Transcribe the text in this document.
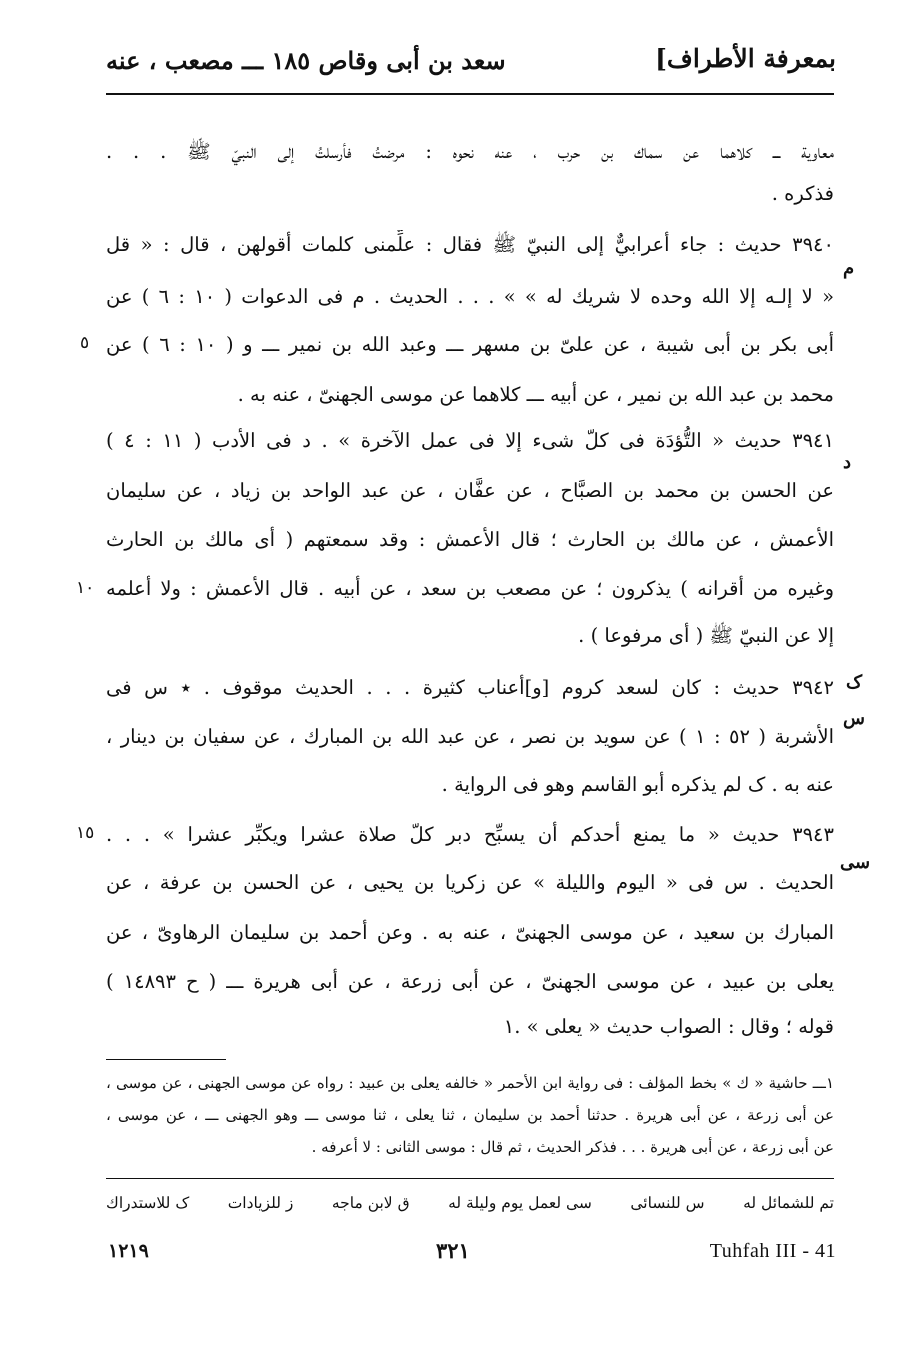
سعد بن أبى وقاص ١٨٥ ـــ مصعب ، عنه	بمعرفة الأطراف]
معاوية ـــ كلاهما عن سماك بن حرب ، عنه نحوه : مرضتُ فأرسلتُ إلى النبيّ ﷺ . . .
فذكره .
٣٩٤٠ حديث : جاء أعرابيٌّ إلى النبيّ ﷺ فقال : علِّمنى كلمات أقولهن ، قال : « قل
« لا إلـه إلا الله وحده لا شريك له » » . . . الحديث . م فى الدعوات ( ١٠ : ٦ ) عن
أبى بكر بن أبى شيبة ، عن علىّ بن مسهر ـــ وعبد الله بن نمير ـــ و ( ١٠ : ٦ ) عن
محمد بن عبد الله بن نمير ، عن أبيه ـــ كلاهما عن موسى الجهنىّ ، عنه به .
٣٩٤١ حديث « التُّؤدَة فى كلّ شىء إلا فى عمل الآخرة » . د فى الأدب ( ١١ : ٤ )
عن الحسن بن محمد بن الصبَّاح ، عن عفَّان ، عن عبد الواحد بن زياد ، عن سليمان
الأعمش ، عن مالك بن الحارث ؛ قال الأعمش : وقد سمعتهم ( أى مالك بن الحارث
وغيره من أقرانه ) يذكرون ؛ عن مصعب بن سعد ، عن أبيه . قال الأعمش : ولا أعلمه
إلا عن النبيّ ﷺ ( أى مرفوعا ) .
٣٩٤٢ حديث : كان لسعد كروم [و]أعناب كثيرة . . . الحديث موقوف . ٭ س فى
الأشربة ( ٥٢ : ١ ) عن سويد بن نصر ، عن عبد الله بن المبارك ، عن سفيان بن دينار ،
عنه به . ک لم يذكره أبو القاسم وهو فى الرواية .
٣٩٤٣ حديث « ما يمنع أحدكم أن يسبِّح دبر كلّ صلاة عشرا ويكبِّر عشرا » . . .
الحديث . س فى « اليوم والليلة » عن زكريا بن يحيى ، عن الحسن بن عرفة ، عن
المبارك بن سعيد ، عن موسى الجهنىّ ، عنه به . وعن أحمد بن سليمان الرهاوىّ ، عن
يعلى بن عبيد ، عن موسى الجهنىّ ، عن أبى زرعة ، عن أبى هريرة ـــ ( ح ١٤٨٩٣ )
قوله ؛ وقال : الصواب حديث « يعلى » .١
٥
١٠
١٥
م
د
س
سى
ک
١ـــ حاشية « ك » بخط المؤلف : فى رواية ابن الأحمر « خالفه يعلى بن عبيد : رواه عن موسى الجهنى ، عن موسى ،
عن أبى زرعة ، عن أبى هريرة . حدثنا أحمد بن سليمان ، ثنا يعلى ، ثنا موسى ـــ وهو الجهنى ـــ ، عن موسى ،
عن أبى زرعة ، عن أبى هريرة . . . فذكر الحديث ، ثم قال : موسى الثانى : لا أعرفه .
تم للشمائل له
س للنسائى
سى لعمل يوم وليلة له
ق لابن ماجه
ز للزيادات
ک للاستدراك
١٢١٩	٣٢١	Tuhfah III - 41
